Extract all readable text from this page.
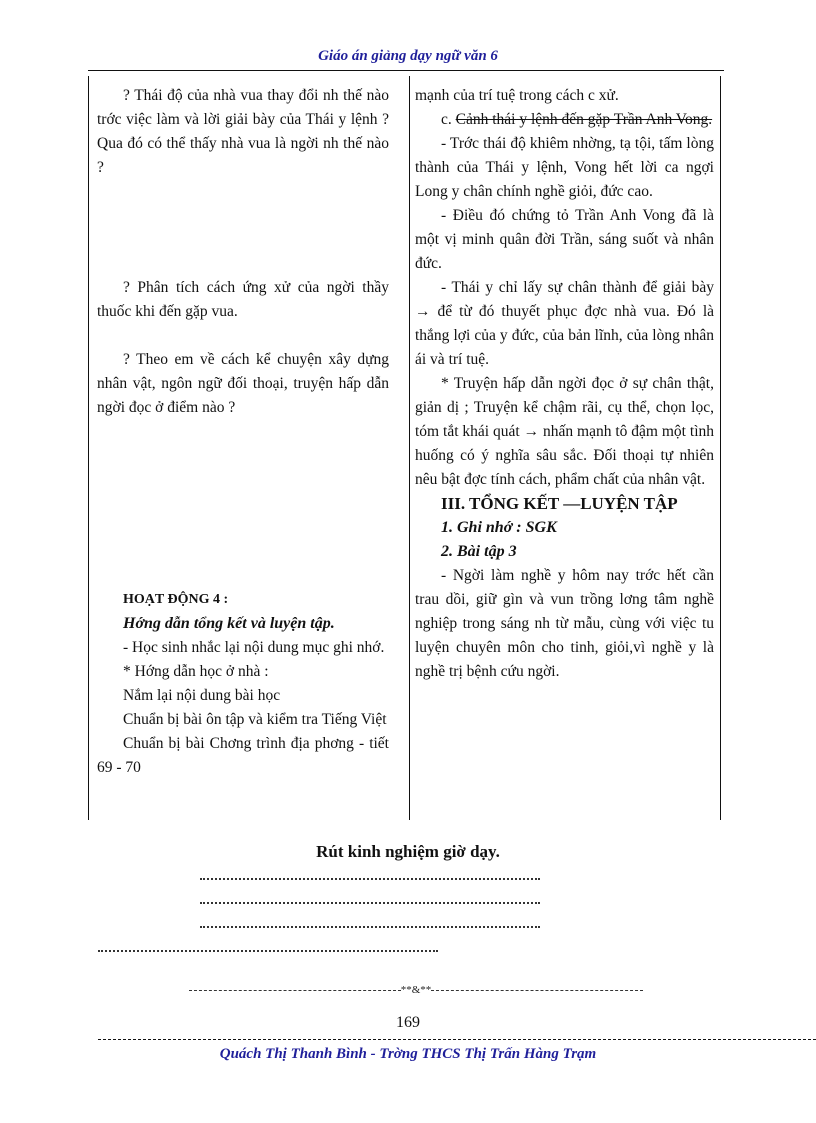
Giáo án giảng dạy ngữ văn 6

? Thái độ của nhà vua thay đổi nh thế nào trớc việc làm và lời giải bày của Thái y lệnh ? Qua đó có thể thấy nhà vua là ngời nh thế nào ?

? Phân tích cách ứng xử của ngời thầy thuốc khi đến gặp vua.

? Theo em về cách kể chuyện xây dựng nhân vật, ngôn ngữ đối thoại, truyện hấp dẫn ngời đọc ở điểm nào ?

HOẠT ĐỘNG 4 :

Hớng dẫn tổng kết và luyện tập.

- Học sinh nhắc lại nội dung mục ghi nhớ.

* Hớng dẫn học ở nhà :

Nắm lại nội dung bài học

Chuẩn bị bài ôn tập và kiểm tra Tiếng Việt

Chuẩn bị bài Chơng trình địa phơng - tiết 69 - 70

mạnh của trí tuệ trong cách c xử.

c. Cảnh thái y lệnh đến gặp Trần Anh Vong.

- Trớc thái độ khiêm nhờng, tạ tội, tấm lòng thành của Thái y lệnh, Vong hết lời ca ngợi Long y chân chính nghề giỏi, đức cao.

- Điều đó chứng tỏ Trần Anh Vong đã là một vị minh quân đời Trần, sáng suốt và nhân đức.

- Thái y chỉ lấy sự chân thành để giải bày → để từ đó thuyết phục đợc nhà vua. Đó là thắng lợi của y đức, của bản lĩnh, của lòng nhân ái và trí tuệ.

* Truyện hấp dẫn ngời đọc ở sự chân thật, giản dị ; Truyện kể chậm rãi, cụ thể, chọn lọc, tóm tắt khái quát → nhấn mạnh tô đậm một tình huống có ý nghĩa sâu sắc. Đối thoại tự nhiên nêu bật đợc tính cách, phẩm chất của nhân vật.

III. TỔNG KẾT —LUYỆN TẬP

1. Ghi nhớ : SGK

2. Bài tập 3

- Ngời làm nghề y hôm nay trớc hết cần trau dồi, giữ gìn và vun trồng lơng tâm nghề nghiệp trong sáng nh từ mẫu, cùng với việc tu luyện chuyên môn cho tinh, giỏi,vì nghề y là nghề trị bệnh cứu ngời.

Rút kinh nghiệm giờ dạy.
**&**
169
Quách Thị Thanh Bình - Trờng THCS Thị Trấn Hàng Trạm
